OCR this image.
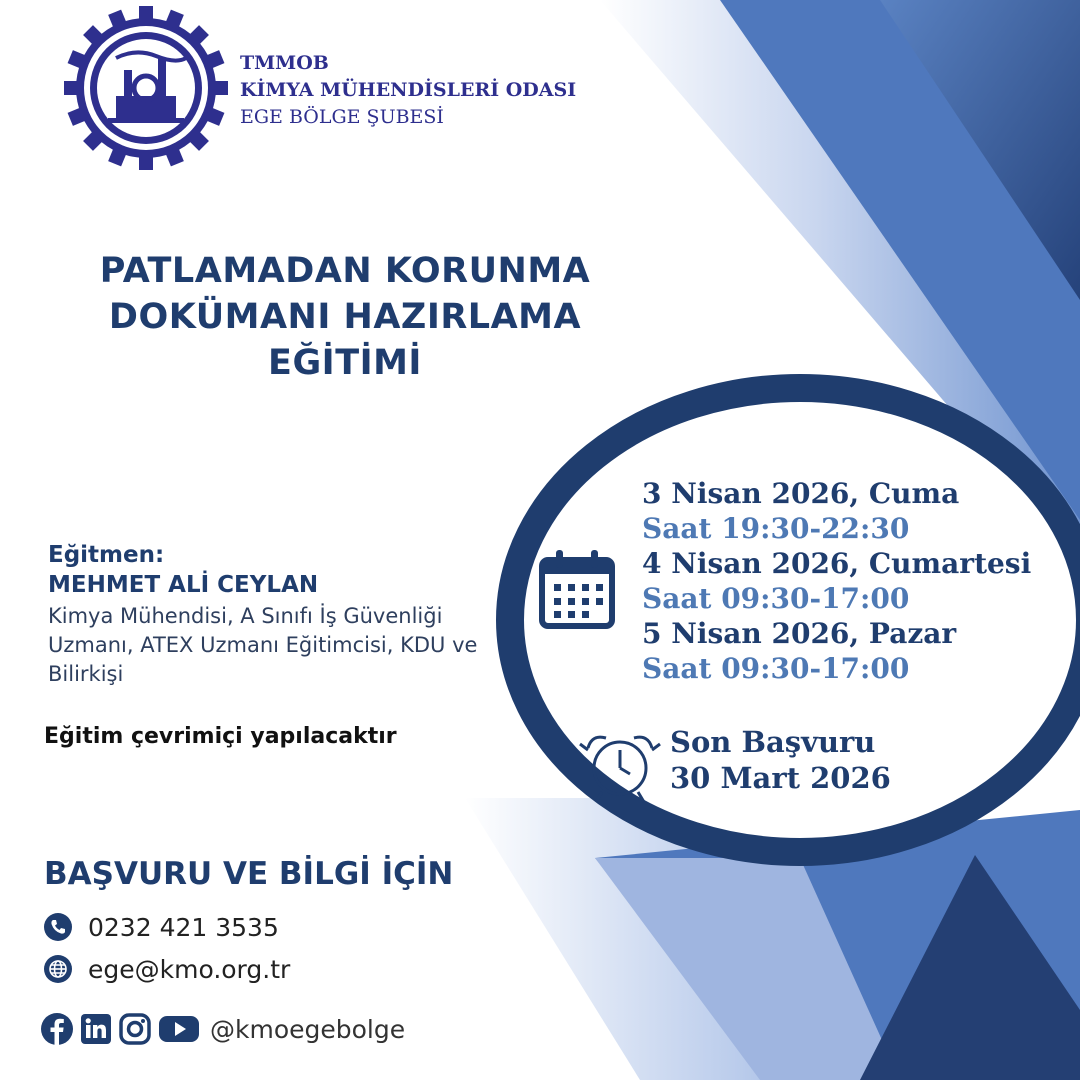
TMMOB
KİMYA MÜHENDİSLERİ ODASI
EGE BÖLGE ŞUBESİ
PATLAMADAN KORUNMA
DOKÜMANI HAZIRLAMA
EĞİTİMİ
Eğitmen:
MEHMET ALİ CEYLAN
Kimya Mühendisi, A Sınıfı İş Güvenliği Uzmanı, ATEX Uzmanı Eğitimcisi, KDU ve Bilirkişi
Eğitim çevrimiçi yapılacaktır
3 Nisan 2026, Cuma
Saat 19:30-22:30
4 Nisan 2026, Cumartesi
Saat 09:30-17:00
5 Nisan 2026, Pazar
Saat 09:30-17:00
Son Başvuru
30 Mart 2026
BAŞVURU VE BİLGİ İÇİN
0232 421 3535
ege@kmo.org.tr
@kmoegebolge
